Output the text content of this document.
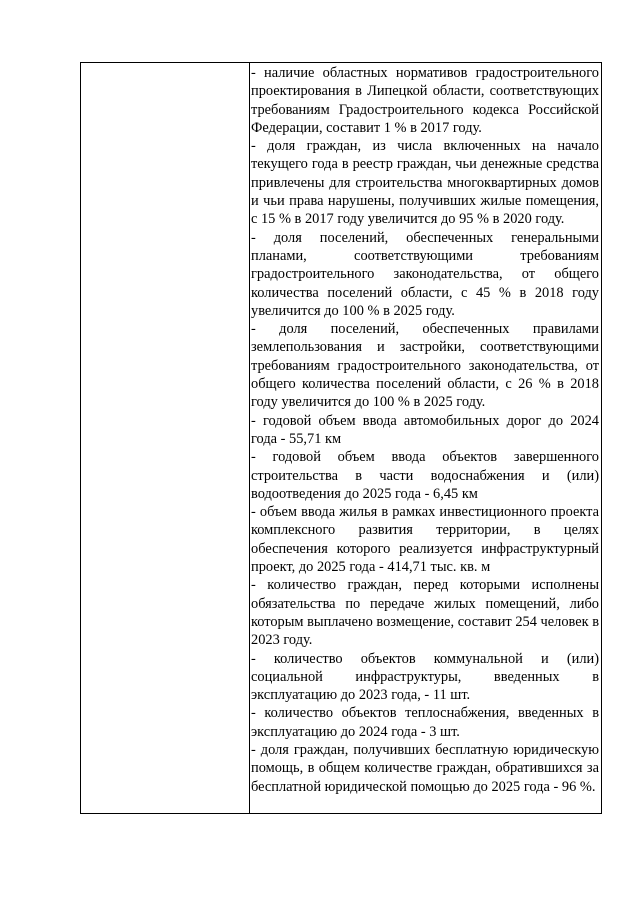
- наличие областных нормативов градостроительного проектирования в Липецкой области, соответствующих требованиям Градостроительного кодекса Российской Федерации, составит 1 % в 2017 году.

- доля граждан, из числа включенных на начало текущего года в реестр граждан, чьи денежные средства привлечены для строительства многоквартирных домов и чьи права нарушены, получивших жилые помещения, с 15 % в 2017 году увеличится до 95 % в 2020 году.

- доля поселений, обеспеченных генеральными планами, соответствующими требованиям градостроительного законодательства, от общего количества поселений области, с 45 % в 2018 году увеличится до 100 % в 2025 году.

- доля поселений, обеспеченных правилами землепользования и застройки, соответствующими требованиям градостроительного законодательства, от общего количества поселений области, с 26 % в 2018 году увеличится до 100 % в 2025 году.

- годовой объем ввода автомобильных дорог до 2024 года - 55,71 км

- годовой объем ввода объектов завершенного строительства в части водоснабжения и (или) водоотведения до 2025 года - 6,45 км

- объем ввода жилья в рамках инвестиционного проекта комплексного развития территории, в целях обеспечения которого реализуется инфраструктурный проект, до 2025 года - 414,71 тыс. кв. м

- количество граждан, перед которыми исполнены обязательства по передаче жилых помещений, либо которым выплачено возмещение, составит 254 человек в 2023 году.

- количество объектов коммунальной и (или) социальной инфраструктуры, введенных в эксплуатацию до 2023 года, - 11 шт.

- количество объектов теплоснабжения, введенных в эксплуатацию до 2024 года - 3 шт.

- доля граждан, получивших бесплатную юридическую помощь, в общем количестве граждан, обратившихся за бесплатной юридической помощью до 2025 года - 96 %.
